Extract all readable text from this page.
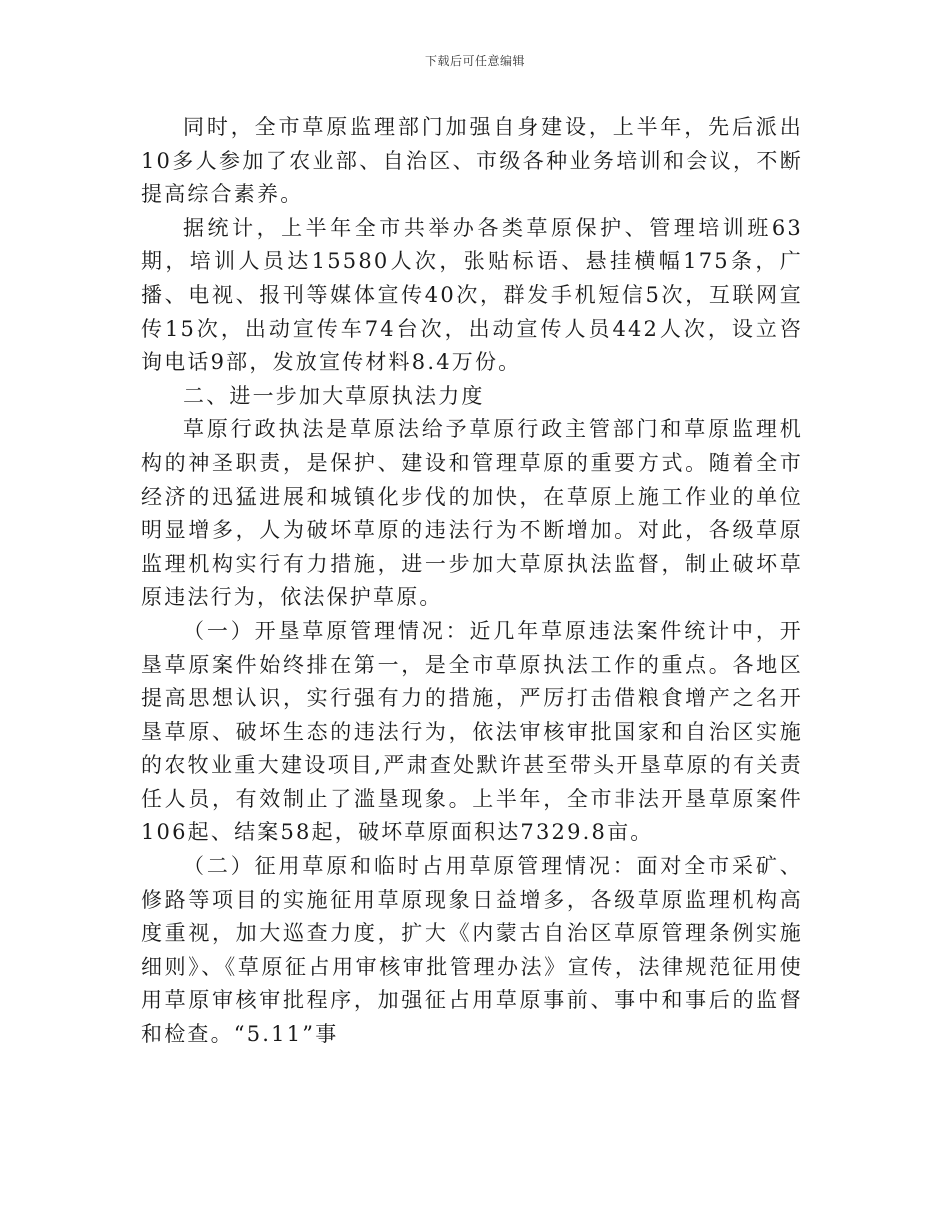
下载后可任意编辑

同时，全市草原监理部门加强自身建设，上半年，先后派出10多人参加了农业部、自治区、市级各种业务培训和会议，不断提高综合素养。

据统计，上半年全市共举办各类草原保护、管理培训班63期，培训人员达15580人次，张贴标语、悬挂横幅175条，广播、电视、报刊等媒体宣传40次，群发手机短信5次，互联网宣传15次，出动宣传车74台次，出动宣传人员442人次，设立咨询电话9部，发放宣传材料8.4万份。

二、进一步加大草原执法力度

草原行政执法是草原法给予草原行政主管部门和草原监理机构的神圣职责，是保护、建设和管理草原的重要方式。随着全市经济的迅猛进展和城镇化步伐的加快，在草原上施工作业的单位明显增多，人为破坏草原的违法行为不断增加。对此，各级草原监理机构实行有力措施，进一步加大草原执法监督，制止破坏草原违法行为，依法保护草原。

（一）开垦草原管理情况：近几年草原违法案件统计中，开垦草原案件始终排在第一，是全市草原执法工作的重点。各地区提高思想认识，实行强有力的措施，严厉打击借粮食增产之名开垦草原、破坏生态的违法行为，依法审核审批国家和自治区实施的农牧业重大建设项目,严肃查处默许甚至带头开垦草原的有关责任人员，有效制止了滥垦现象。上半年，全市非法开垦草原案件106起、结案58起，破坏草原面积达7329.8亩。

（二）征用草原和临时占用草原管理情况：面对全市采矿、修路等项目的实施征用草原现象日益增多，各级草原监理机构高度重视，加大巡查力度，扩大《内蒙古自治区草原管理条例实施细则》、《草原征占用审核审批管理办法》宣传，法律规范征用使用草原审核审批程序，加强征占用草原事前、事中和事后的监督和检查。“5.11”事
